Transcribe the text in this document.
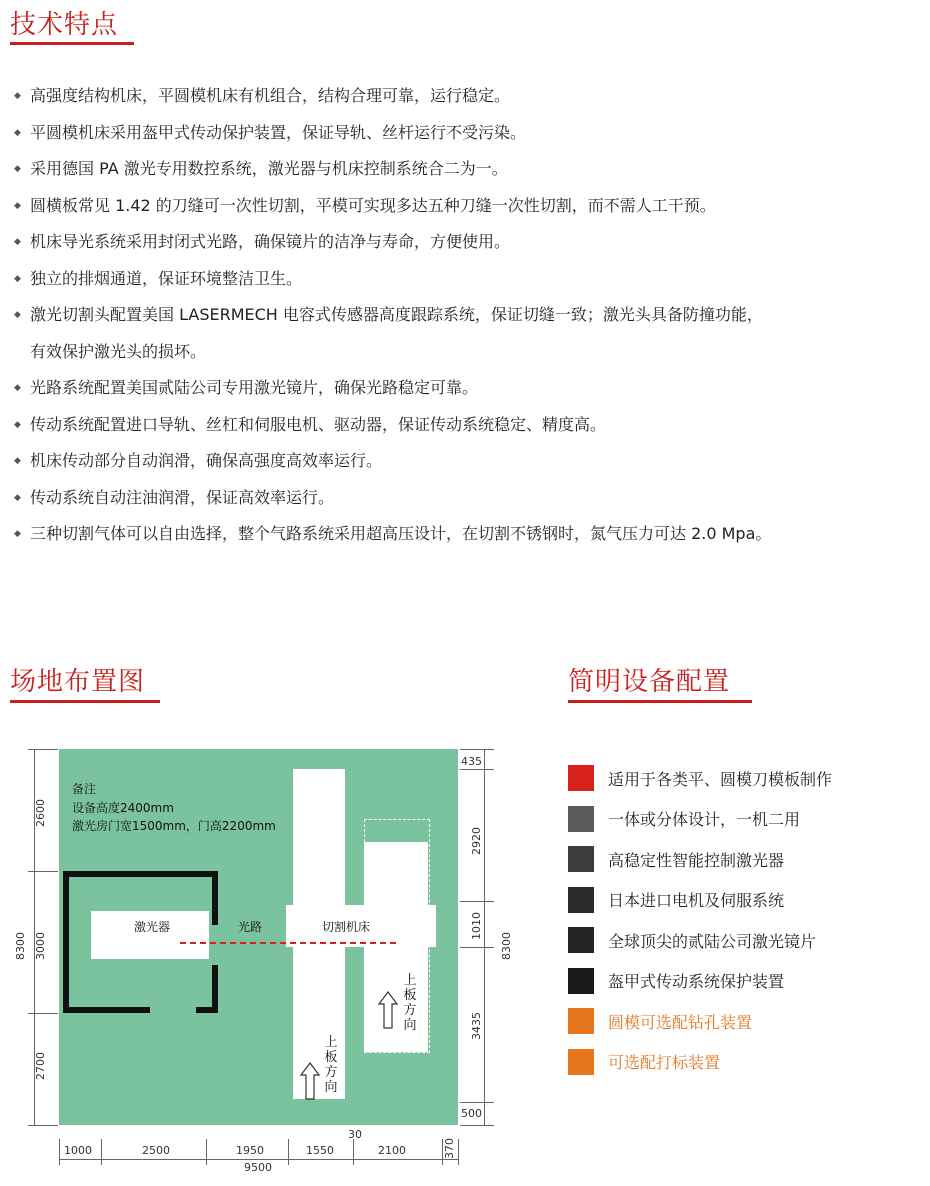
技术特点
◆ 高强度结构机床，平圆模机床有机组合，结构合理可靠，运行稳定。
◆ 平圆模机床采用盔甲式传动保护装置，保证导轨、丝杆运行不受污染。
◆ 采用德国 PA 激光专用数控系统，激光器与机床控制系统合二为一。
◆ 圆横板常见 1.42 的刀缝可一次性切割，平模可实现多达五种刀缝一次性切割，而不需人工干预。
◆ 机床导光系统采用封闭式光路，确保镜片的洁净与寿命，方便使用。
◆ 独立的排烟通道，保证环境整洁卫生。
◆ 激光切割头配置美国 LASERMECH 电容式传感器高度跟踪系统，保证切缝一致；激光头具备防撞功能，
有效保护激光头的损坏。
◆ 光路系统配置美国贰陆公司专用激光镜片，确保光路稳定可靠。
◆ 传动系统配置进口导轨、丝杠和伺服电机、驱动器，保证传动系统稳定、精度高。
◆ 机床传动部分自动润滑，确保高强度高效率运行。
◆ 传动系统自动注油润滑，保证高效率运行。
◆ 三种切割气体可以自由选择，整个气路系统采用超高压设计，在切割不锈钢时，氮气压力可达 2.0 Mpa。
场地布置图	简明设备配置
备注
设备高度2400mm
激光房门宽1500mm，门高2200mm
激光器	切割机床
光路
上
板
方
向
上
板
方
向
2600
3000
2700
8300
435
2920
1010
3435
500
8300
30
1000	2500	1950	1550	2100	370
9500
适用于各类平、圆模刀模板制作
一体或分体设计，一机二用
高稳定性智能控制激光器
日本进口电机及伺服系统
全球顶尖的贰陆公司激光镜片
盔甲式传动系统保护装置
圆模可选配钻孔装置
可选配打标装置
